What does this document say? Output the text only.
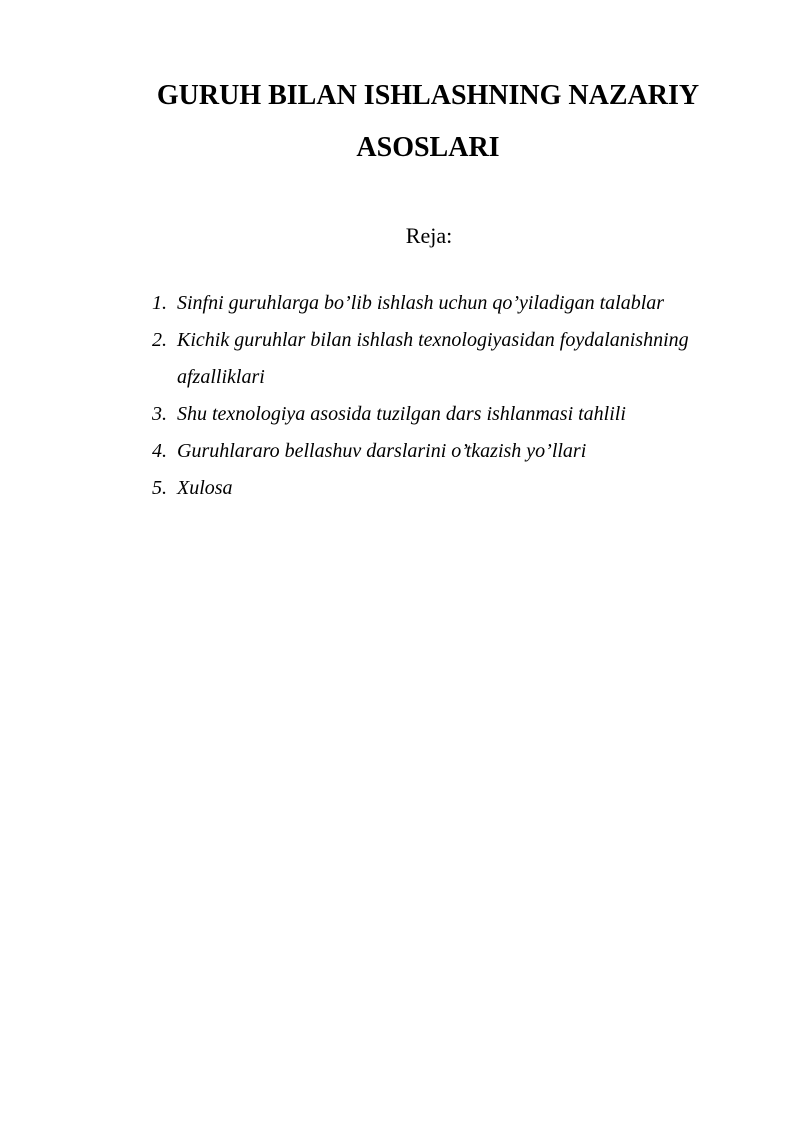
GURUH BILAN ISHLASHNING NAZARIY
ASOSLARI

Reja:

1. Sinfni guruhlarga bo’lib ishlash uchun qo’yiladigan talablar
2. Kichik guruhlar bilan ishlash texnologiyasidan foydalanishning afzalliklari
3. Shu texnologiya asosida tuzilgan dars ishlanmasi tahlili
4. Guruhlararo bellashuv darslarini o’tkazish yo’llari
5. Xulosa
